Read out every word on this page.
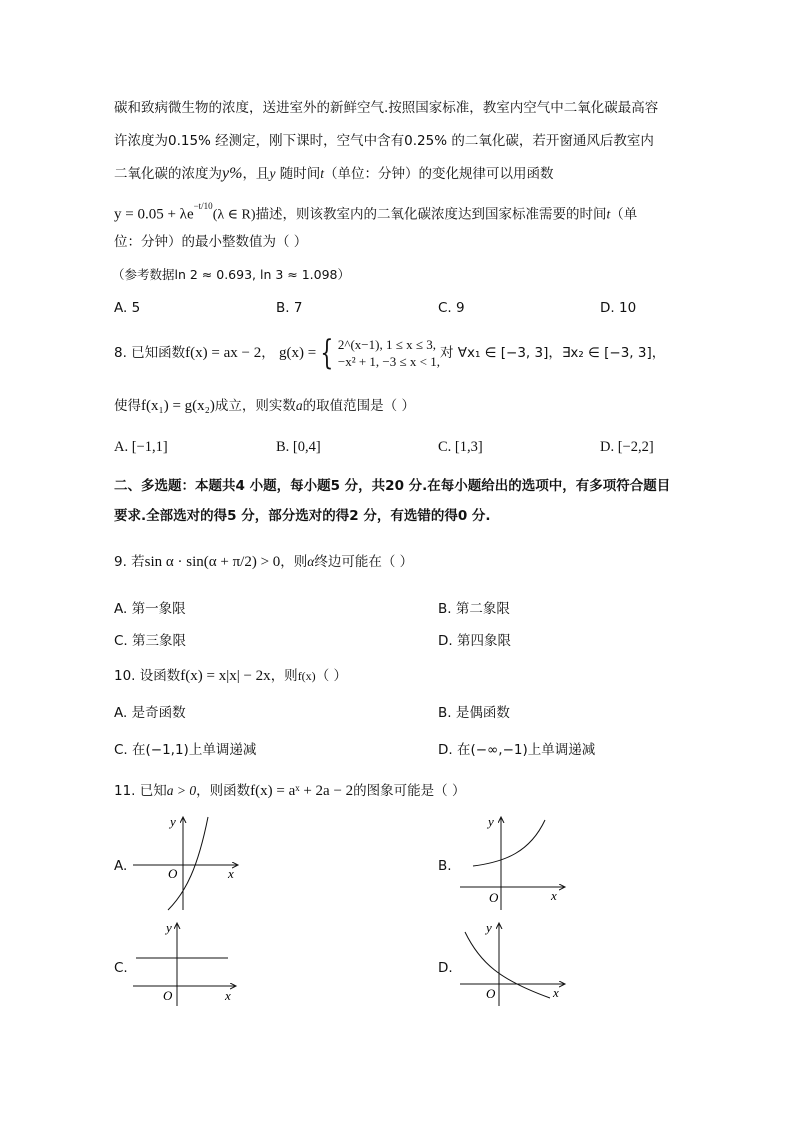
碳和致病微生物的浓度，送进室外的新鲜空气.按照国家标准，教室内空气中二氧化碳最高容
许浓度为0.15% 经测定，刚下课时，空气中含有0.25% 的二氧化碳，若开窗通风后教室内
二氧化碳的浓度为y%，且y 随时间t（单位：分钟）的变化规律可以用函数
$y = 0.05 + \lambda e^{-t/10}(\lambda$ ∈ R)描述，则该教室内的二氧化碳浓度达到国家标准需要的时间t（单
位：分钟）的最小整数值为（ ）
（参考数据ln 2 ≈ 0.693, ln 3 ≈ 1.098）
A. 5	B. 7	C. 9	D. 10
8. 已知函数f(x) = ax − 2， g(x) = { 2^(x−1), 1 ≤ x ≤ 3,
−x² + 1, −3 ≤ x < 1,对 ∀x₁ ∈ [−3, 3]，∃x₂ ∈ [−3, 3]，
使得f(x₁) = g(x₂)成立，则实数a的取值范围是（ ）
A. [−1,1]	B. [0,4]	C. [1,3]	D. [−2,2]
二、多选题：本题共4 小题，每小题5 分，共20 分.在每小题给出的选项中，有多项符合题目
要求.全部选对的得5 分，部分选对的得2 分，有选错的得0 分.
9. 若sin α · sin(α + π/2) > 0，则α终边可能在（ ）
A. 第一象限	B. 第二象限
C. 第三象限	D. 第四象限
10. 设函数f(x) = x|x| − 2x，则f(x)（ ）
A. 是奇函数	B. 是偶函数
C. 在(−1,1)上单调递减	D. 在(−∞,−1)上单调递减
11. 已知a > 0，则函数f(x) = aˣ + 2a − 2的图象可能是（ ）
A.	B.
C.	D.
O	x
y
O	x
y
O	x
y
O	x
y
